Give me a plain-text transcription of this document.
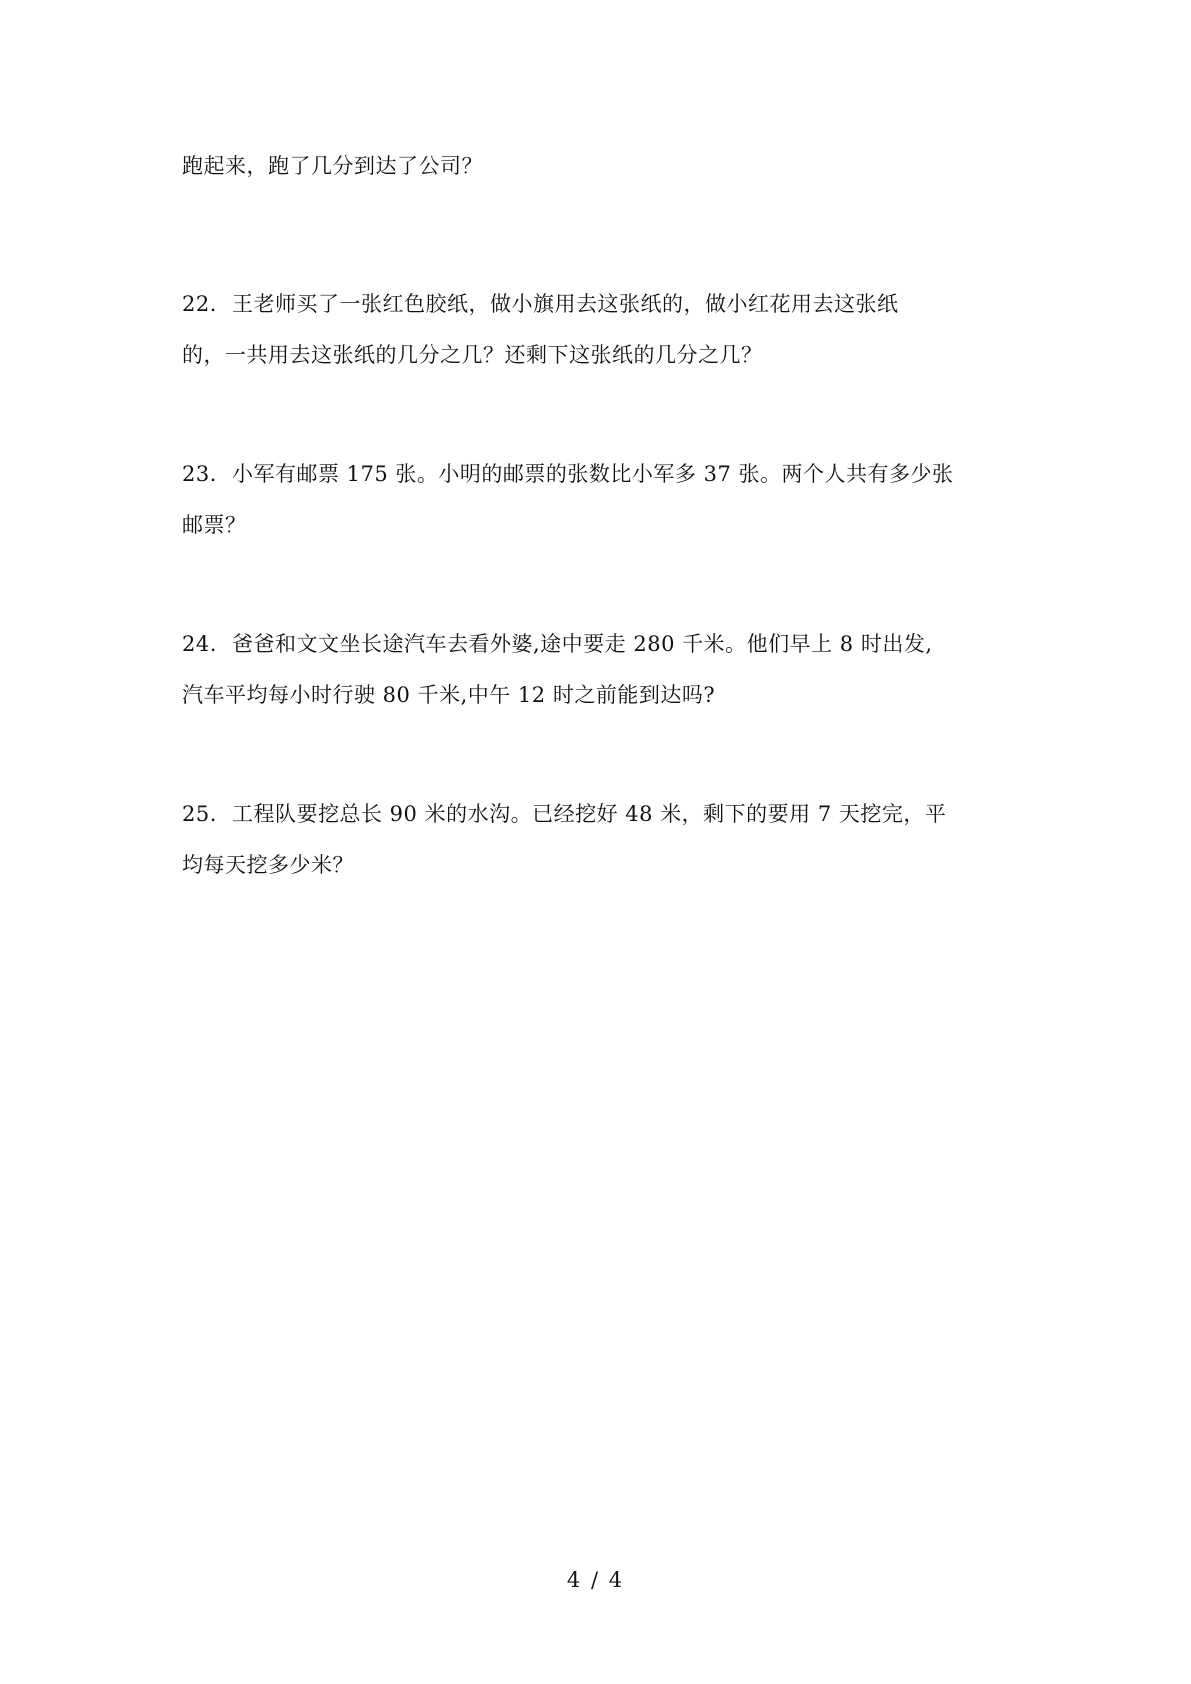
跑起来，跑了几分到达了公司？
22. 王老师买了一张红色胶纸，做小旗用去这张纸的，做小红花用去这张纸
的，一共用去这张纸的几分之几？还剩下这张纸的几分之几？
23. 小军有邮票 175 张。小明的邮票的张数比小军多 37 张。两个人共有多少张
邮票？
24. 爸爸和文文坐长途汽车去看外婆,途中要走 280 千米。他们早上 8 时出发,
汽车平均每小时行驶 80 千米,中午 12 时之前能到达吗?
25. 工程队要挖总长 90 米的水沟。已经挖好 48 米，剩下的要用 7 天挖完，平
均每天挖多少米？
4 / 4
